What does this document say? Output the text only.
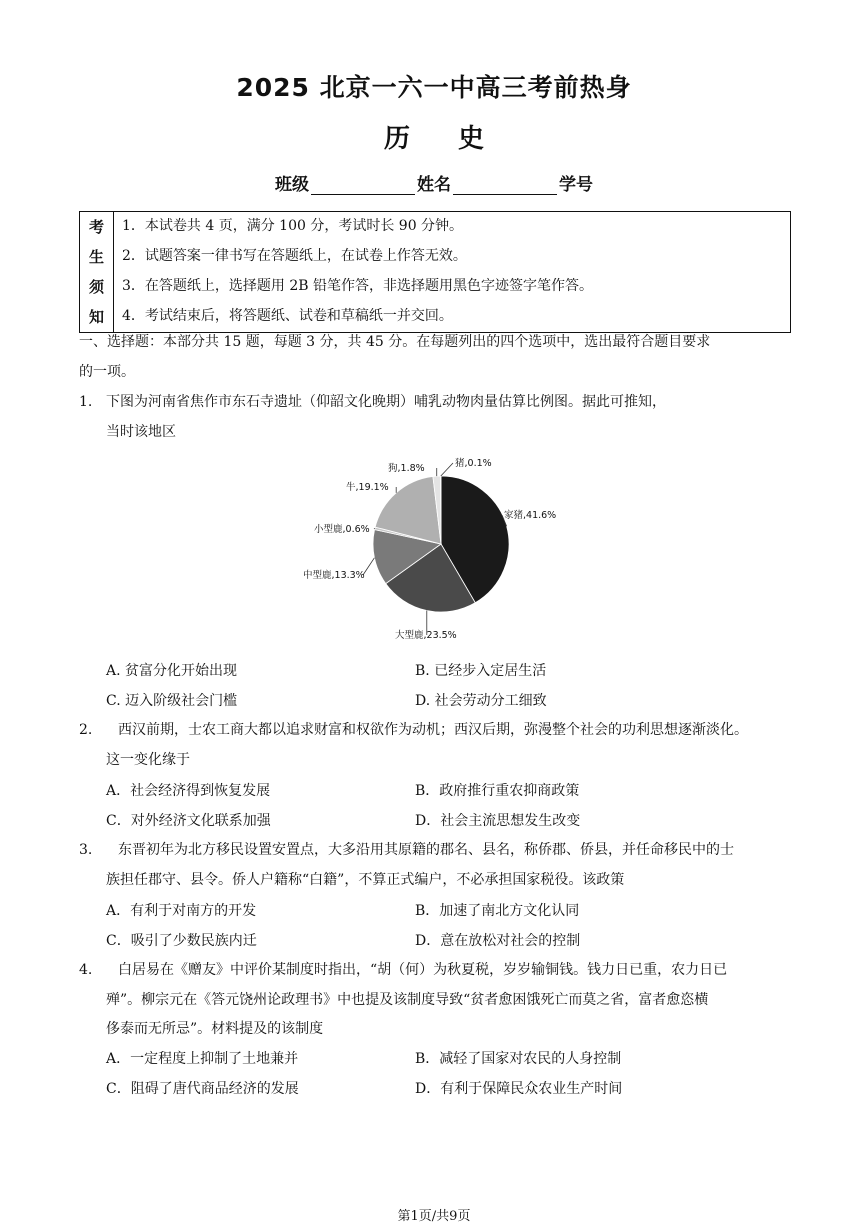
2025 北京一六一中高三考前热身
历 史
班级	姓名	学号
考
生
须
知
1．本试卷共 4 页，满分 100 分，考试时长 90 分钟。
2．试题答案一律书写在答题纸上，在试卷上作答无效。
3．在答题纸上，选择题用 2B 铅笔作答，非选择题用黑色字迹签字笔作答。
4．考试结束后，将答题纸、试卷和草稿纸一并交回。
一、选择题：本部分共 15 题，每题 3 分，共 45 分。在每题列出的四个选项中，选出最符合题目要求
的一项。
1. 下图为河南省焦作市东石寺遗址（仰韶文化晚期）哺乳动物肉量估算比例图。据此可推知，
当时该地区
家猪,41.6%
大型鹿,23.5%
中型鹿,13.3%
小型鹿,0.6%
牛,19.1%
狗,1.8%	猪,0.1%
A. 贫富分化开始出现	B. 已经步入定居生活
C. 迈入阶级社会门槛	D. 社会劳动分工细致
2. 西汉前期，士农工商大都以追求财富和权欲作为动机；西汉后期，弥漫整个社会的功利思想逐渐淡化。
这一变化缘于
A．社会经济得到恢复发展	B．政府推行重农抑商政策
C．对外经济文化联系加强	D．社会主流思想发生改变
3. 东晋初年为北方移民设置安置点，大多沿用其原籍的郡名、县名，称侨郡、侨县，并任命移民中的士
族担任郡守、县令。侨人户籍称“白籍”，不算正式编户，不必承担国家税役。该政策
A．有利于对南方的开发	B．加速了南北方文化认同
C．吸引了少数民族内迁	D．意在放松对社会的控制
4. 白居易在《赠友》中评价某制度时指出，“胡（何）为秋夏税，岁岁输铜钱。钱力日已重，农力日已
殚”。柳宗元在《答元饶州论政理书》中也提及该制度导致“贫者愈困饿死亡而莫之省，富者愈恣横
侈泰而无所忌”。材料提及的该制度
A．一定程度上抑制了土地兼并	B．减轻了国家对农民的人身控制
C．阻碍了唐代商品经济的发展	D．有利于保障民众农业生产时间
第1页/共9页
